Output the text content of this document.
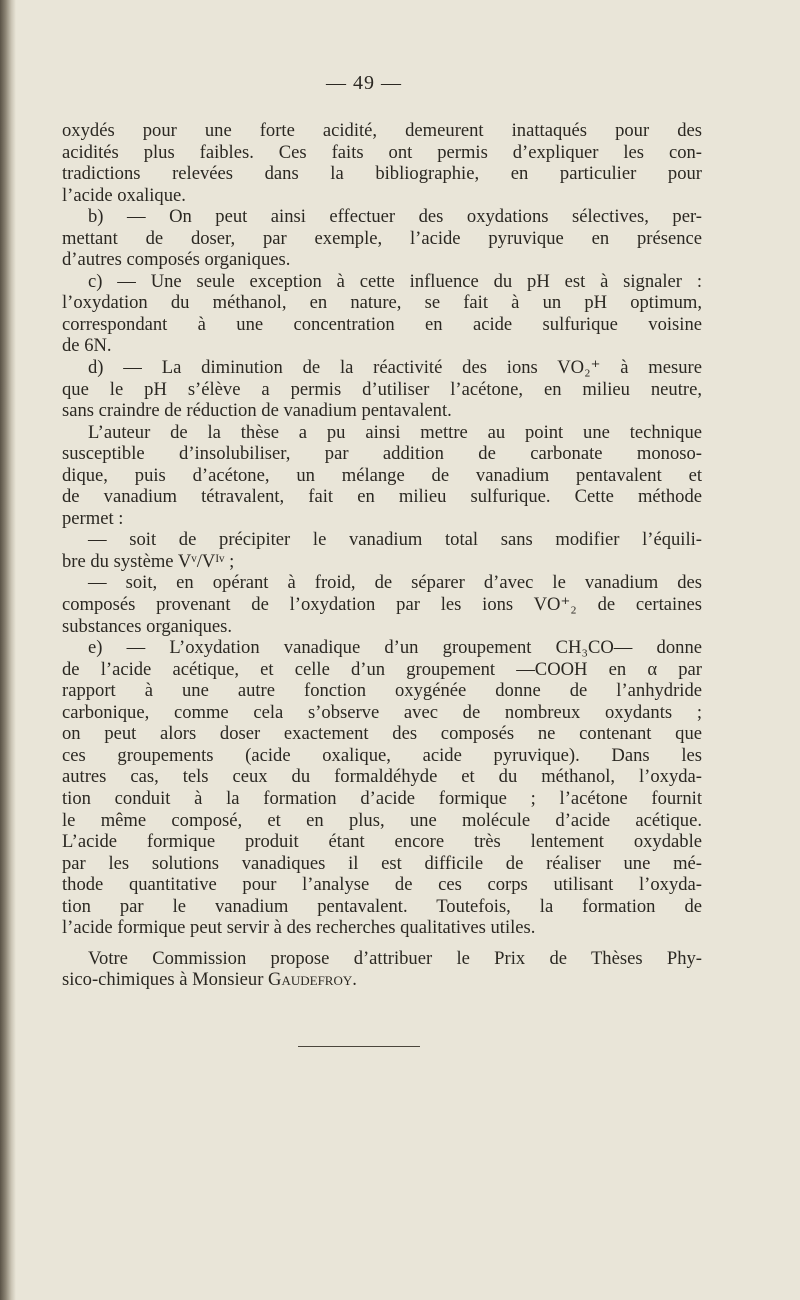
— 49 —
oxydés pour une forte acidité, demeurent inattaqués pour des
acidités plus faibles. Ces faits ont permis d’expliquer les con-
tradictions relevées dans la bibliographie, en particulier pour
l’acide oxalique.
b) — On peut ainsi effectuer des oxydations sélectives, per-
mettant de doser, par exemple, l’acide pyruvique en présence
d’autres composés organiques.
c) — Une seule exception à cette influence du pH est à signaler :
l’oxydation du méthanol, en nature, se fait à un pH optimum,
correspondant à une concentration en acide sulfurique voisine
de 6N.
d) — La diminution de la réactivité des ions VO₂⁺ à mesure
que le pH s’élève a permis d’utiliser l’acétone, en milieu neutre,
sans craindre de réduction de vanadium pentavalent.
L’auteur de la thèse a pu ainsi mettre au point une technique
susceptible d’insolubiliser, par addition de carbonate monoso-
dique, puis d’acétone, un mélange de vanadium pentavalent et
de vanadium tétravalent, fait en milieu sulfurique. Cette méthode
permet :
— soit de précipiter le vanadium total sans modifier l’équili-
bre du système Vᵛ/Vᴵᵛ ;
— soit, en opérant à froid, de séparer d’avec le vanadium des
composés provenant de l’oxydation par les ions VO⁺₂ de certaines
substances organiques.
e) — L’oxydation vanadique d’un groupement CH₃CO— donne
de l’acide acétique, et celle d’un groupement —COOH en α par
rapport à une autre fonction oxygénée donne de l’anhydride
carbonique, comme cela s’observe avec de nombreux oxydants ;
on peut alors doser exactement des composés ne contenant que
ces groupements (acide oxalique, acide pyruvique). Dans les
autres cas, tels ceux du formaldéhyde et du méthanol, l’oxyda-
tion conduit à la formation d’acide formique ; l’acétone fournit
le même composé, et en plus, une molécule d’acide acétique.
L’acide formique produit étant encore très lentement oxydable
par les solutions vanadiques il est difficile de réaliser une mé-
thode quantitative pour l’analyse de ces corps utilisant l’oxyda-
tion par le vanadium pentavalent. Toutefois, la formation de
l’acide formique peut servir à des recherches qualitatives utiles.
Votre Commission propose d’attribuer le Prix de Thèses Phy-
sico-chimiques à Monsieur Gaudefroy.
